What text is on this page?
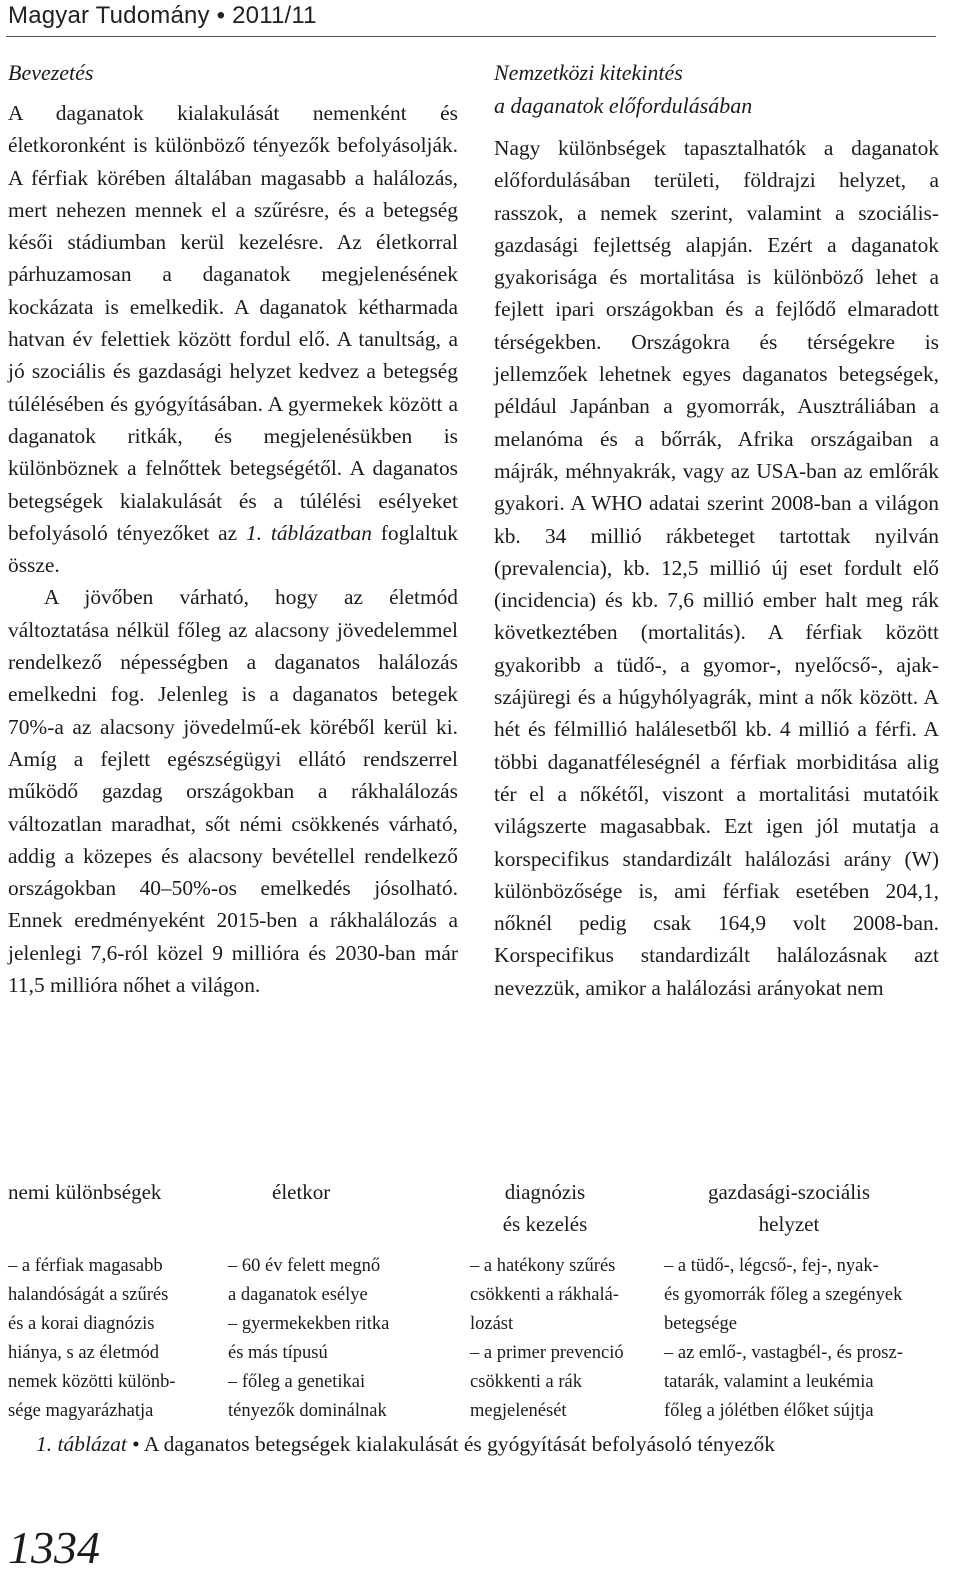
Magyar Tudomány • 2011/11

Bevezetés

A daganatok kialakulását nemenként és életkoronként is különböző tényezők befolyásolják. A férfiak körében általában magasabb a halálozás, mert nehezen mennek el a szűrésre, és a betegség késői stádiumban kerül kezelésre. Az életkorral párhuzamosan a daganatok megjelenésének kockázata is emelkedik. A daganatok kétharmada hatvan év felettiek között fordul elő. A tanultság, a jó szociális és gazdasági helyzet kedvez a betegség túlélésében és gyógyításában. A gyermekek között a daganatok ritkák, és megjelenésükben is különböznek a felnőttek betegségétől. A daganatos betegségek kialakulását és a túlélési esélyeket befolyásoló tényezőket az 1. táblázatban foglaltuk össze.

A jövőben várható, hogy az életmód változtatása nélkül főleg az alacsony jövedelemmel rendelkező népességben a daganatos halálozás emelkedni fog. Jelenleg is a daganatos betegek 70%-a az alacsony jövedelmű-ek köréből kerül ki. Amíg a fejlett egészségügyi ellátó rendszerrel működő gazdag országokban a rákhalálozás változatlan maradhat, sőt némi csökkenés várható, addig a közepes és alacsony bevétellel rendelkező országokban 40–50%-os emelkedés jósolható. Ennek eredményeként 2015-ben a rákhalálozás a jelenlegi 7,6-ról közel 9 millióra és 2030-ban már 11,5 millióra nőhet a világon.

Nemzetközi kitekintés

a daganatok előfordulásában

Nagy különbségek tapasztalhatók a daganatok előfordulásában területi, földrajzi helyzet, a rasszok, a nemek szerint, valamint a szociális-gazdasági fejlettség alapján. Ezért a daganatok gyakorisága és mortalitása is különböző lehet a fejlett ipari országokban és a fejlődő elmaradott térségekben. Országokra és térségekre is jellemzőek lehetnek egyes daganatos betegségek, például Japánban a gyomorrák, Ausztráliában a melanóma és a bőrrák, Afrika országaiban a májrák, méhnyakrák, vagy az USA-ban az emlőrák gyakori. A WHO adatai szerint 2008-ban a világon kb. 34 millió rákbeteget tartottak nyilván (prevalencia), kb. 12,5 millió új eset fordult elő (incidencia) és kb. 7,6 millió ember halt meg rák következtében (mortalitás). A férfiak között gyakoribb a tüdő-, a gyomor-, nyelőcső-, ajak-szájüregi és a húgyhólyagrák, mint a nők között. A hét és félmillió halálesetből kb. 4 millió a férfi. A többi daganatféleségnél a férfiak morbiditása alig tér el a nőkétől, viszont a mortalitási mutatóik világszerte magasabbak. Ezt igen jól mutatja a korspecifikus standardizált halálozási arány (W) különbözősége is, ami férfiak esetében 204,1, nőknél pedig csak 164,9 volt 2008-ban. Korspecifikus standardizált halálozásnak azt nevezzük, amikor a halálozási arányokat nem

nemi különbségek

– a férfiak magasabb
halandóságát a szűrés
és a korai diagnózis
hiánya, s az életmód
nemek közötti különb-
sége magyarázhatja

életkor

– 60 év felett megnő
a daganatok esélye
– gyermekekben ritka
és más típusú
– főleg a genetikai
tényezők dominálnak

diagnózis
és kezelés

– a hatékony szűrés
csökkenti a rákhalá-
lozást
– a primer prevenció
csökkenti a rák
megjelenését

gazdasági-szociális
helyzet

– a tüdő-, légcső-, fej-, nyak-
és gyomorrák főleg a szegények
betegsége
– az emlő-, vastagbél-, és prosz-
tatarák, valamint a leukémia
főleg a jólétben élőket sújtja

1. táblázat • A daganatos betegségek kialakulását és gyógyítását befolyásoló tényezők
1334
